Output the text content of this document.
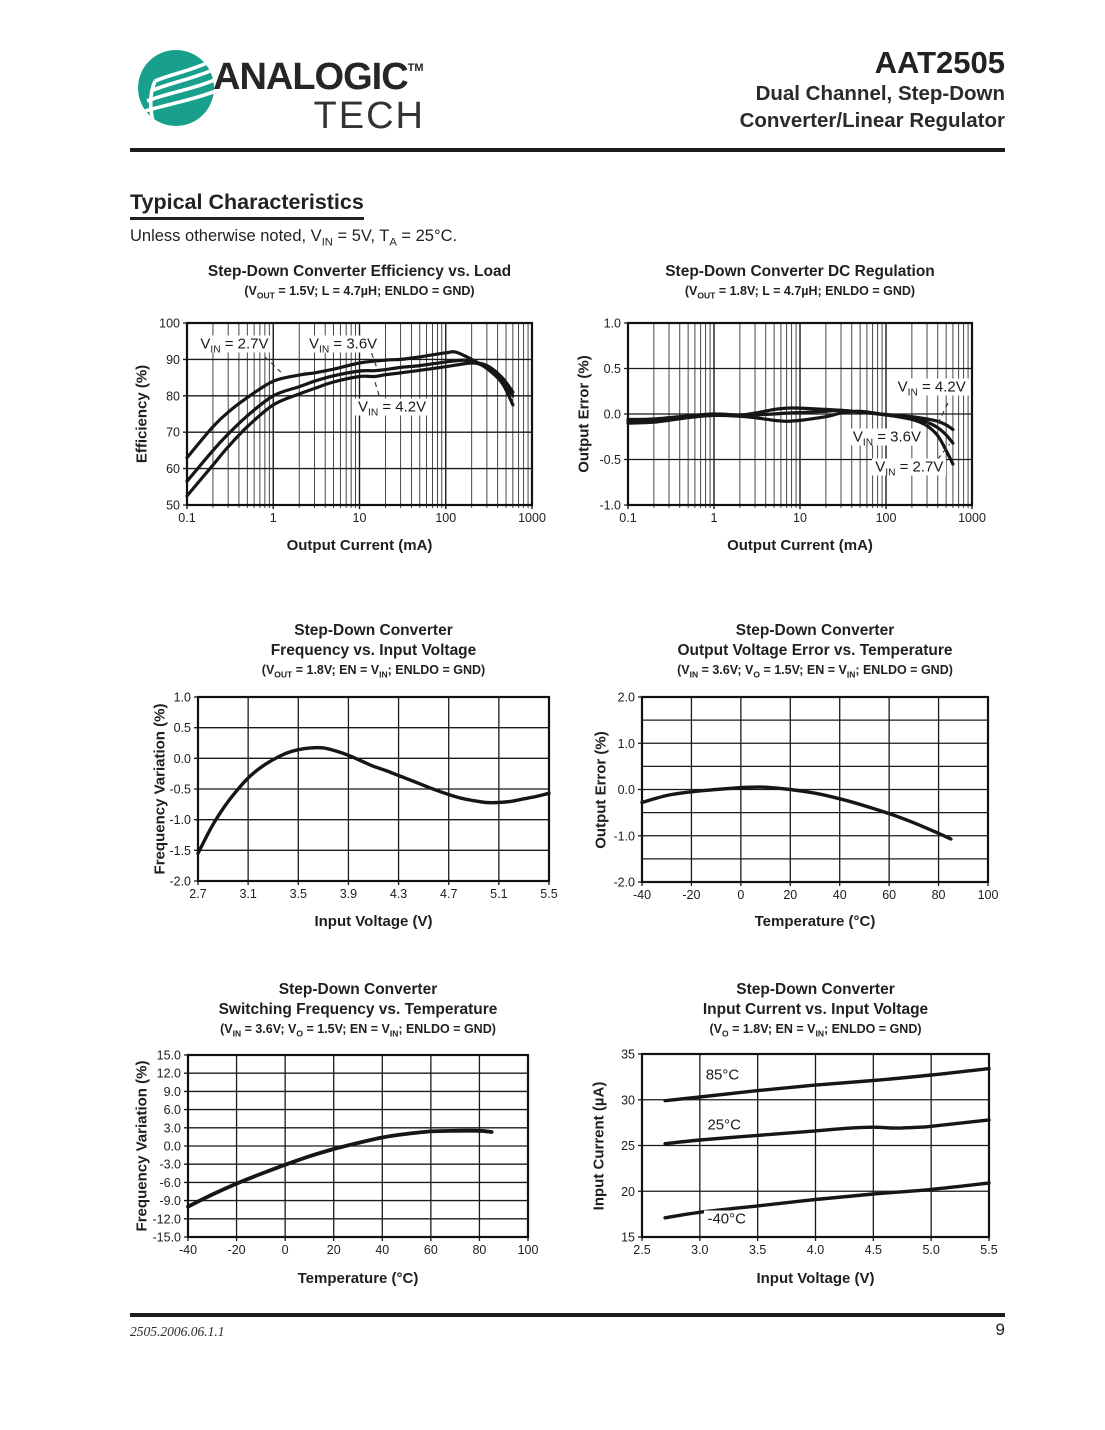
ANALOGIC™
TECH
AAT2505
Dual Channel, Step-Down
Converter/Linear Regulator
Typical Characteristics
Unless otherwise noted, $V_{IN} = 5V$, $T_A = 25^\circ C$.
Step-Down Converter Efficiency vs. Load
($V_{OUT} = 1.5V$; L = 4.7µH; ENLDO = GND)
Efficiency (%)
Output Current (mA)
0.1	1	10	100	1000
50
60
70
80
90
100
$V_{IN} = 2.7V$	$V_{IN} = 3.6V$
$V_{IN} = 4.2V$
Step-Down Converter DC Regulation
($V_{OUT} = 1.8V$; L = 4.7µH; ENLDO = GND)
Output Error (%)
Output Current (mA)
0.1	1	10	100	1000
-1.0
-0.5
0.0
0.5
1.0
$V_{IN} = 4.2V$
$V_{IN} = 3.6V$
$V_{IN} = 2.7V$
Step-Down Converter
Frequency vs. Input Voltage
($V_{OUT} = 1.8V$; EN = $V_{IN}$; ENLDO = GND)
Frequency Variation (%)
Input Voltage (V)
2.7	3.1	3.5	3.9	4.3	4.7	5.1	5.5
-2.0
-1.5
-1.0
-0.5
0.0
0.5
1.0
Step-Down Converter
Output Voltage Error vs. Temperature
($V_{IN} = 3.6V$; $V_O = 1.5V$; EN = $V_{IN}$; ENLDO = GND)
Output Error (%)
Temperature (°C)
-40	-20	0	20	40	60	80	100
-2.0
-1.0
0.0
1.0
2.0
Step-Down Converter
Switching Frequency vs. Temperature
($V_{IN} = 3.6V$; $V_O = 1.5V$; EN = $V_{IN}$; ENLDO = GND)
Frequency Variation (%)
Temperature (°C)
-40 -20	0	20	40	60	80 100
-15.0
-12.0
-9.0
-6.0
-3.0
0.0
3.0
6.0
9.0
12.0
15.0
Step-Down Converter
Input Current vs. Input Voltage
($V_O = 1.8V$; EN = $V_{IN}$; ENLDO = GND)
Input Current (µA)
Input Voltage (V)
2.5	3.0	3.5	4.0	4.5	5.0	5.5
15
20
25
30
35
85°C
25°C
-40°C
2505.2006.06.1.1	9
